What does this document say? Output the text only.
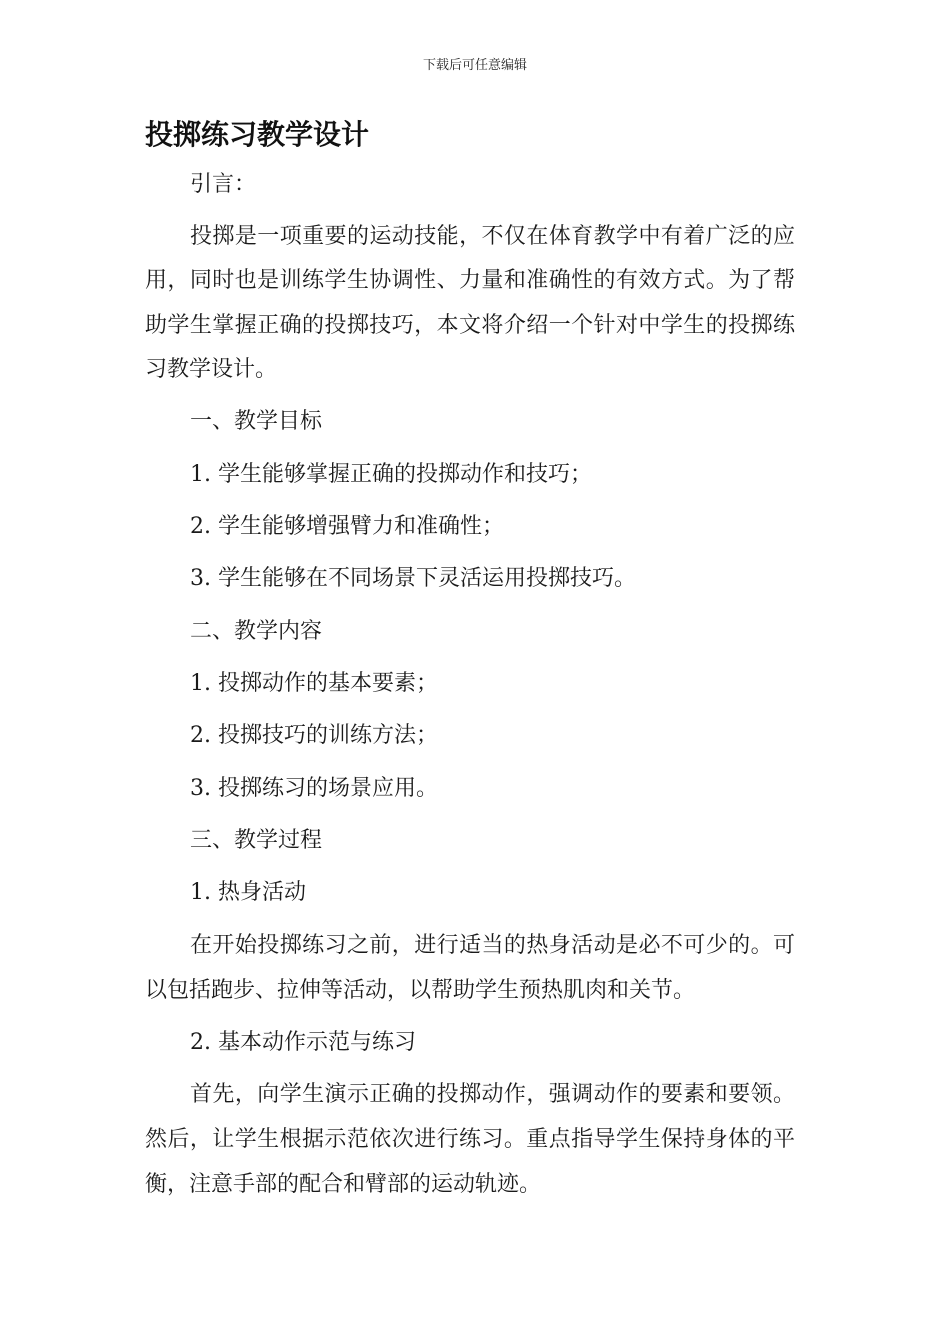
下载后可任意编辑
投掷练习教学设计
引言：
投掷是一项重要的运动技能，不仅在体育教学中有着广泛的应
用，同时也是训练学生协调性、力量和准确性的有效方式。为了帮
助学生掌握正确的投掷技巧，本文将介绍一个针对中学生的投掷练
习教学设计。
一、教学目标
1. 学生能够掌握正确的投掷动作和技巧；
2. 学生能够增强臂力和准确性；
3. 学生能够在不同场景下灵活运用投掷技巧。
二、教学内容
1. 投掷动作的基本要素；
2. 投掷技巧的训练方法；
3. 投掷练习的场景应用。
三、教学过程
1. 热身活动
在开始投掷练习之前，进行适当的热身活动是必不可少的。可
以包括跑步、拉伸等活动，以帮助学生预热肌肉和关节。
2. 基本动作示范与练习
首先，向学生演示正确的投掷动作，强调动作的要素和要领。
然后，让学生根据示范依次进行练习。重点指导学生保持身体的平
衡，注意手部的配合和臂部的运动轨迹。
